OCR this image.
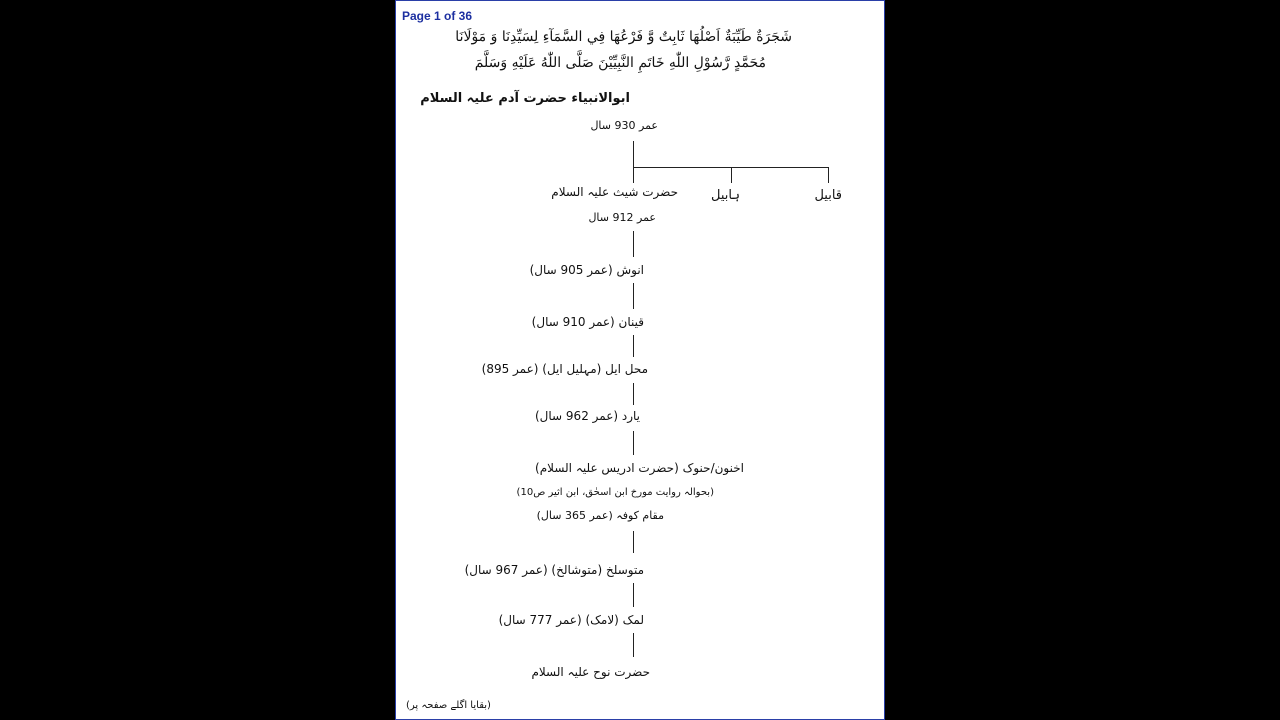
Page 1 of 36
شَجَرَةٌ طَيِّبَةٌ اَصْلُهَا ثَابِتٌ وَّ فَرْعُهَا فِي السَّمَآءِ لِسَيِّدِنَا وَ مَوْلَانَا
مُحَمَّدٍ رَّسُوْلِ اللّٰهِ خَاتَمِ النَّبِيِّيْنَ صَلَّى اللّٰهُ عَلَيْهِ وَسَلَّمَ
ابوالانبیاء حضرت آدم علیہ السلام
عمر 930 سال
قابیل
ہابیل
حضرت شیث علیہ السلام
عمر 912 سال
انوش (عمر 905 سال)
قینان (عمر 910 سال)
محل ایل (مہلیل ایل) (عمر 895)
یارد (عمر 962 سال)
اخنون/حنوک (حضرت ادریس علیہ السلام)
(بحوالہ روایت مورخ ابن اسحٰق، ابن اثیر ص10)
مقام کوفہ (عمر 365 سال)
متوسلخ (متوشالخ) (عمر 967 سال)
لمک (لامک) (عمر 777 سال)
حضرت نوح علیہ السلام
(بقایا اگلے صفحہ پر)
